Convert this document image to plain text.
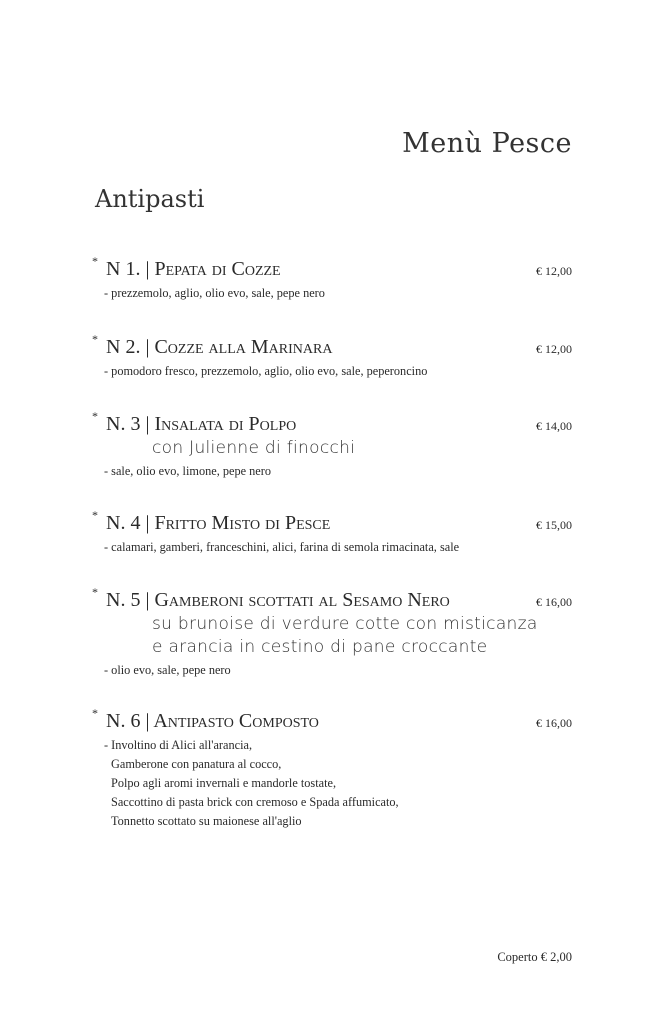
Menù Pesce
Antipasti
* N 1. | Pepata di Cozze	€ 12,00
- prezzemolo, aglio, olio evo, sale, pepe nero
* N 2. | Cozze alla Marinara	€ 12,00
- pomodoro fresco, prezzemolo, aglio, olio evo, sale, peperoncino
* N. 3 | Insalata di Polpo	€ 14,00
con Julienne di finocchi
- sale, olio evo, limone, pepe nero
* N. 4 | Fritto Misto di Pesce	€ 15,00
- calamari, gamberi, franceschini, alici, farina di semola rimacinata, sale
* N. 5 | Gamberoni scottati al Sesamo Nero	€ 16,00
su brunoise di verdure cotte con misticanza
e arancia in cestino di pane croccante
- olio evo, sale, pepe nero
* N. 6 | Antipasto Composto	€ 16,00
- Involtino di Alici all'arancia,
Gamberone con panatura al cocco,
Polpo agli aromi invernali e mandorle tostate,
Saccottino di pasta brick con cremoso e Spada affumicato,
Tonnetto scottato su maionese all'aglio
Coperto € 2,00
